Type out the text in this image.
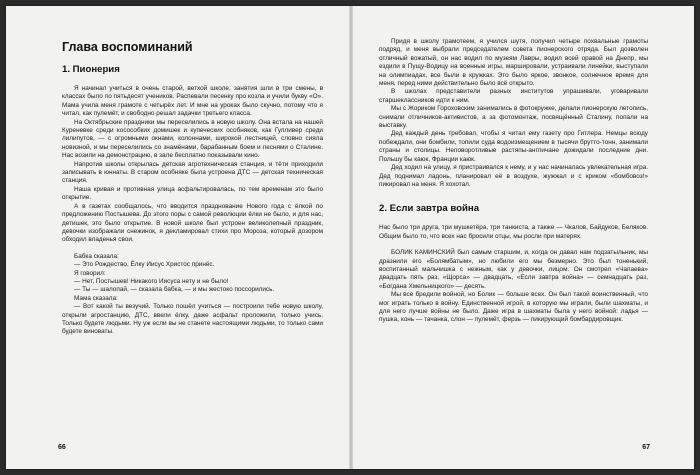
Глава воспоминаний
1. Пионерия

Я начинал учиться в очень старой, ветхой школе, занятия шли в три смены, в классах было по пятьдесят учеников. Распевали песенку про козла и учили букву «О». Мама учила меня грамоте с четырёх лет. И мне на уроках было скучно, потому что я читал, как пулемёт, и свободно решал задачки третьего класса.

На Октябрьские праздники мы переселились в новую школу. Она встала на нашей Куреневке среди косособких домишек и купеческих особняков, как Гулливер среди лилипутов, — с огромными окнами, колоннами, широкой лестницей, словно сияла новизной, и мы переселились со знамёнами, барабанным боем и песнями о Сталине. Нас возили на демонстрацию, в зале бесплатно показывали кино.

Напротив школы открылась детская агротехническая станция, и тёти приходили записывать в юннаты. В старом особняке была устроена ДТС — детская техническая станция.

Наша кривая и противная улица асфальтировалась, по тем временам это было открытие.

А в газетах сообщалось, что вводится празднование Нового года с ёлкой по предложению Постышева. До этого поры с самой революции ёлки не было, и для нас, детишек, это было открытие. В новой школе был устроен великолепный праздник, девочки изображали снежинок, я декламировал стихи про Мороза, который дозором обходил владенья свои.

Бабка сказала:

— Это Рождество. Ёлку Иисус Христос принёс.

Я говорил:

— Нет, Постышев! Никакого Иисуса нету и не было!

— Ты — шалопай, — сказала бабка, — и мы жестоко поссорились.

Мама сказала:

— Вот какой ты везучий. Только пошёл учиться — построили тебе новую школу, открыли агростанцию, ДТС, ввели ёлку, даже асфальт проложили, только учись. Только будете людьми. Ну уж если вы не станете настоящими людьми, то только сами будете виноваты.

66

Придя в школу грамотеем, я учился шутя, получил четыре похвальные грамоты подряд, и меня выбрали председателем совета пионерского отряда. Был дозволен отличный вожатый, он нас водил по музеям Лавры, водил всей оравой на Днепр, мы ездили в Пущу-Водицу на военные игры, маршировали, устраивали линейки, выступали на олимпиадах, все были в кружках. Это было яркое, звонкое, солнечное время для меня, перед ними действительно было всё открыто.

В школах представители разных институтов упрашивали, уговаривали старшеклассников идти к ним.

Мы с Жориком Гороховским занимались в фотокружке, делали пионерскую летопись, снимали отличников-активистов, а за фотомонтаж, посвящённый Сталину, попали на выставку.

Дед каждый день требовал, чтобы я читал ему газету про Гитлера. Немцы всюду побеждали, они бомбили, топили суда водоизмещением в тысячи брутто-тонн, занимали страны и столицы. Неповоротливые растяпы-англичане дожидали последние дни. Польшу бы каюк, Франции каюк.

Дед ходил на улицу, я пристраивался к нему, и у нас начиналась увлекательная игра. Дед поднимал ладонь, планировал её в воздухе, жужжал и с криком «бомбовоз!» пикировал на меня. Я хохотал.

2. Если завтра война

Нас было три друга, три мушкетёра, три танкиста, а также — Чкалов, Байдуков, Беляков. Общим было то, что всех нас бросили отцы, мы росли при матерях.

БОЛИК КАМИНСКИЙ был самым старшим, и, когда он давал нам подзатыльник, мы дразнили его «Болямбатым», но любили его мы безмерно. Это был тоненький, воспитанный мальчишка с нежным, как у девочки, лицом. Он смотрел «Чапаева» двадцать пять раз, «Щорса» — двадцать, «Если завтра война» — семнадцать раз, «Богдана Хмельницкого» — десять.

Мы все бредили войной, но Болик — больше всех. Он был такой воинственный, что мог играть только в войну. Единственной игрой, в которую мы играли, были шахматы, и для него лучше войны не было. Даже игра в шахматы была у него войной: ладья — пушка, конь — тачанка, слон — пулемёт, ферзь — пикирующий бомбардировщик.

67
